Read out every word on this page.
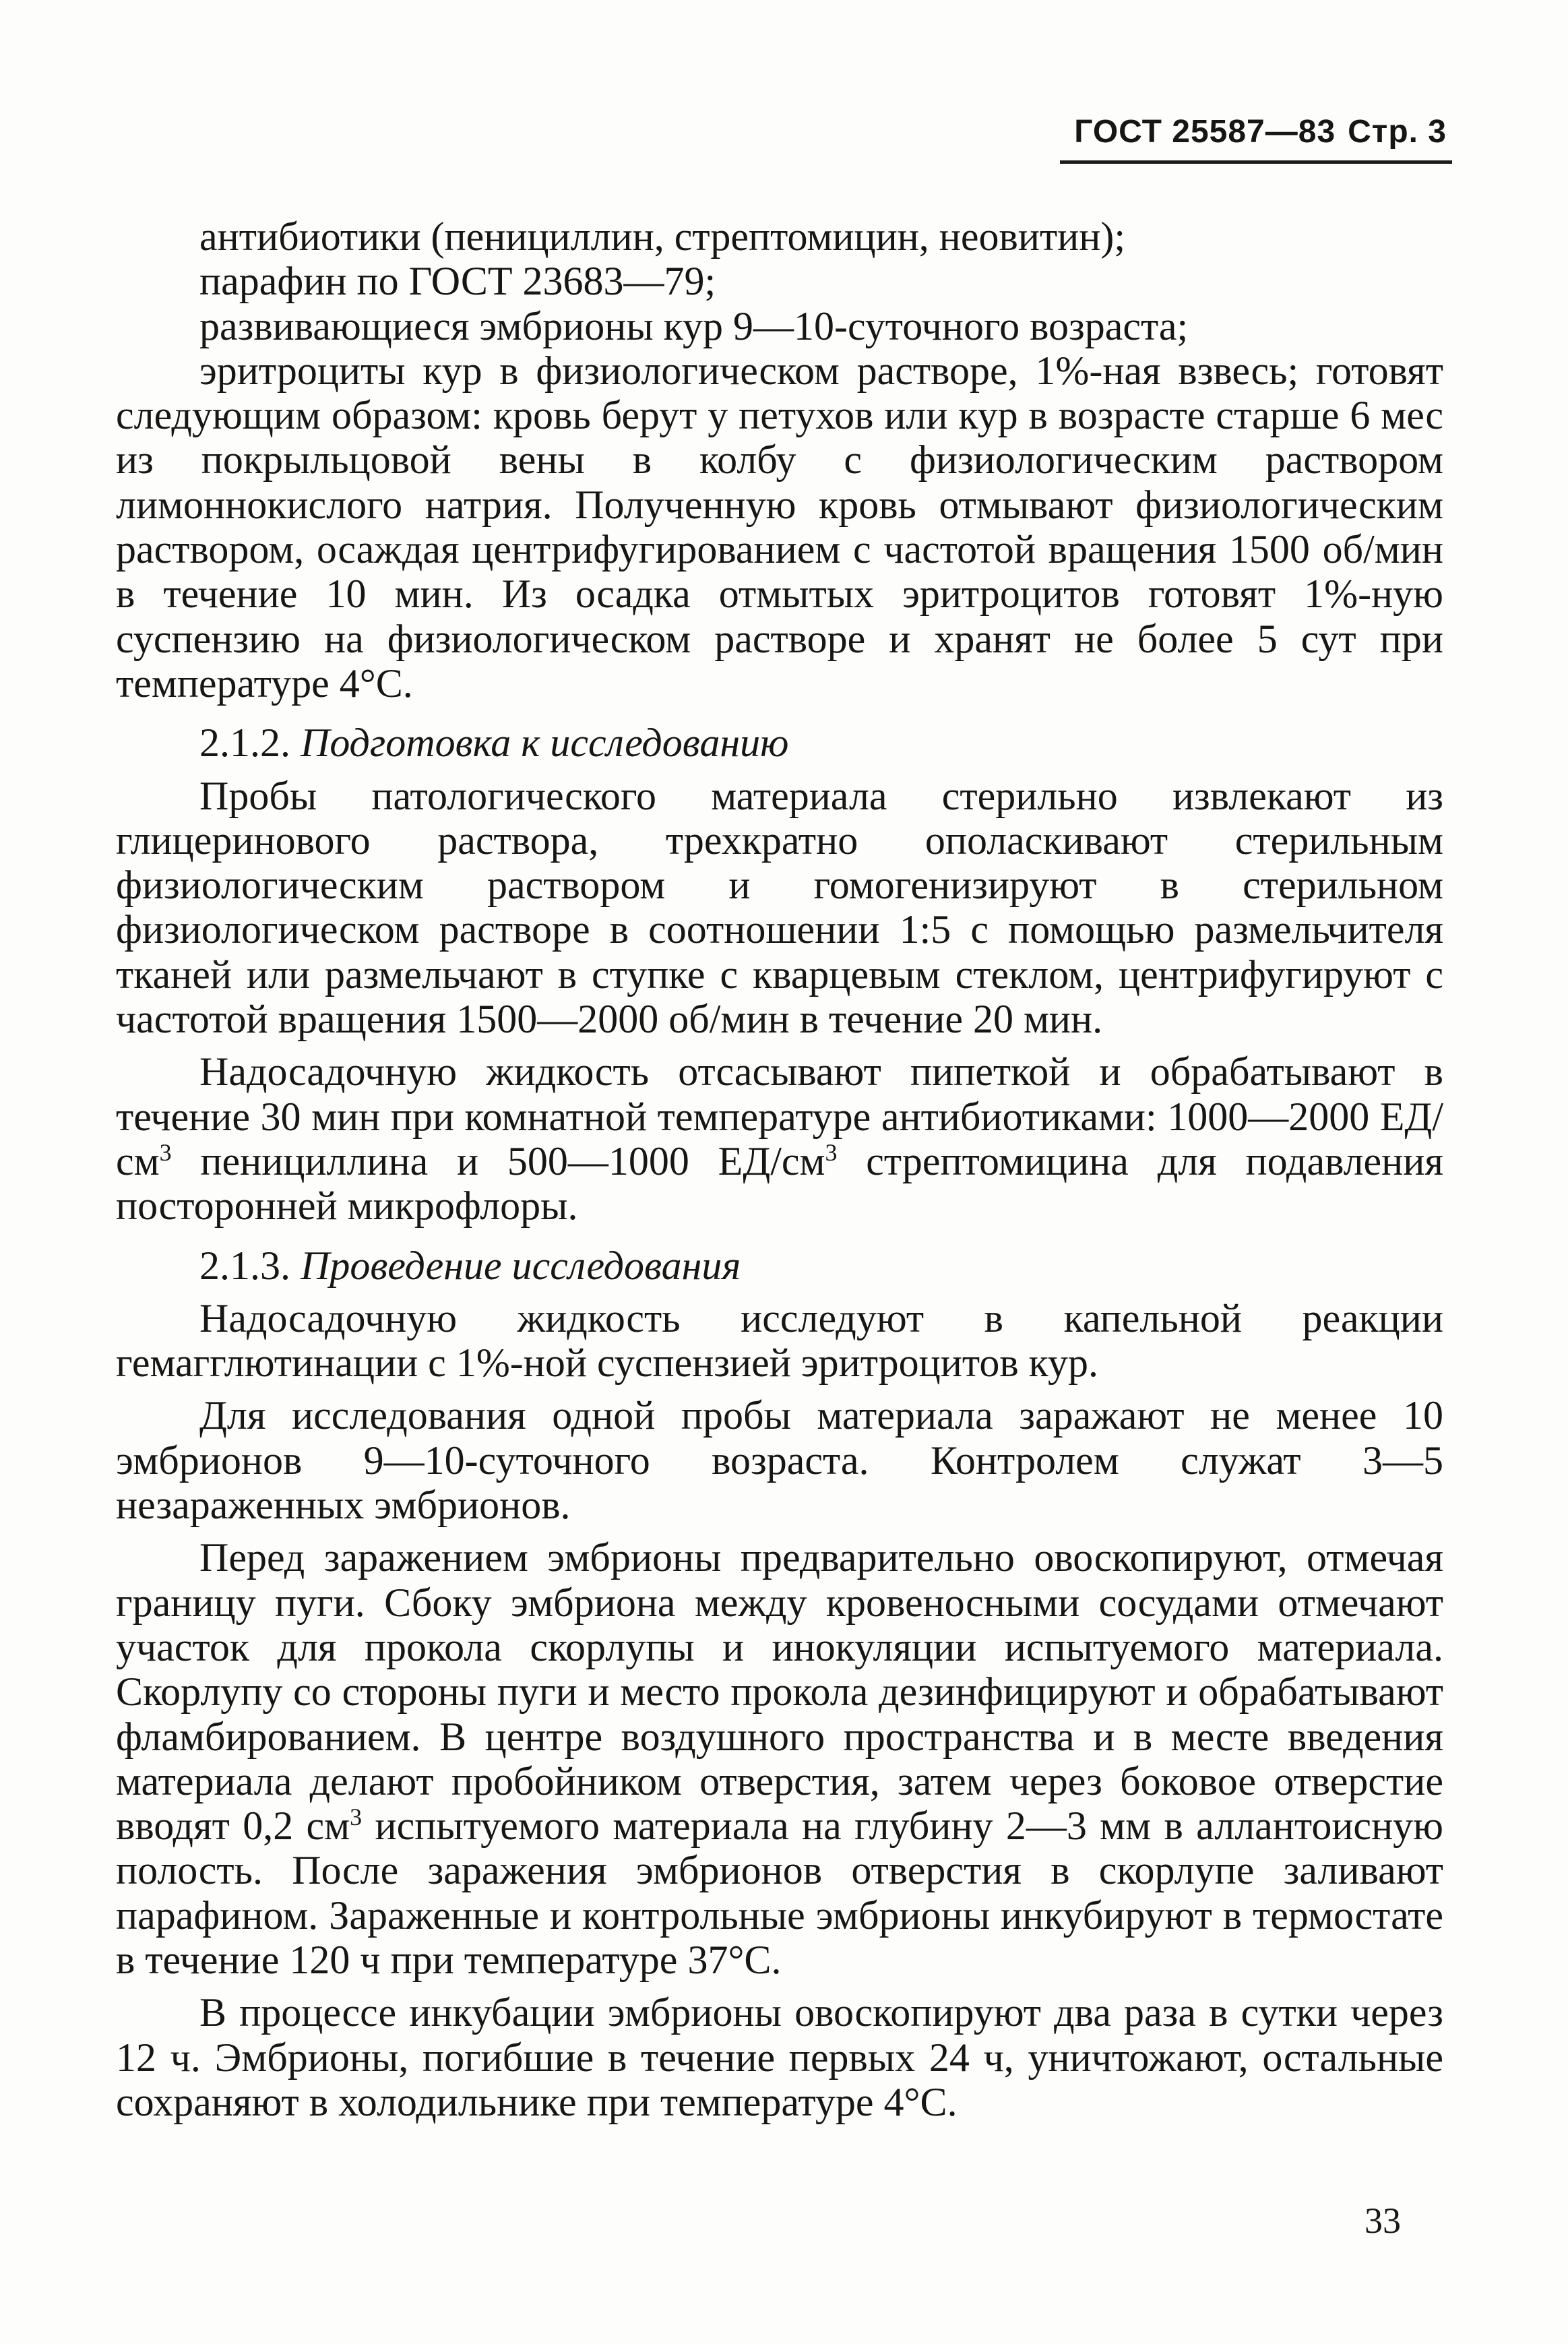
ГОСТ 25587—83 Стр. 3
антибиотики (пенициллин, стрептомицин, неовитин);
парафин по ГОСТ 23683—79;
развивающиеся эмбрионы кур 9—10-суточного возраста;
эритроциты кур в физиологическом растворе, 1%-ная взвесь; готовят следующим образом: кровь берут у петухов или кур в возрасте старше 6 мес из покрыльцовой вены в колбу с физиологическим раствором лимоннокислого натрия. Полученную кровь отмывают физиологическим раствором, осаждая центрифугированием с частотой вращения 1500 об/мин в течение 10 мин. Из осадка отмытых эритроцитов готовят 1%-ную суспензию на физиологическом растворе и хранят не более 5 сут при температуре 4°С.
2.1.2. Подготовка к исследованию
Пробы патологического материала стерильно извлекают из глицеринового раствора, трехкратно ополаскивают стерильным физиологическим раствором и гомогенизируют в стерильном физиологическом растворе в соотношении 1:5 с помощью размельчителя тканей или размельчают в ступке с кварцевым стеклом, центрифугируют с частотой вращения 1500—2000 об/мин в течение 20 мин.
Надосадочную жидкость отсасывают пипеткой и обрабатывают в течение 30 мин при комнатной температуре антибиотиками: 1000—2000 $ЕД/см^3$ пенициллина и 500—1000 $ЕД/см^3$ стрептомицина для подавления посторонней микрофлоры.
2.1.3. Проведение исследования
Надосадочную жидкость исследуют в капельной реакции гемагглютинации с 1%-ной суспензией эритроцитов кур.
Для исследования одной пробы материала заражают не менее 10 эмбрионов 9—10-суточного возраста. Контролем служат 3—5 незараженных эмбрионов.
Перед заражением эмбрионы предварительно овоскопируют, отмечая границу пуги. Сбоку эмбриона между кровеносными сосудами отмечают участок для прокола скорлупы и инокуляции испытуемого материала. Скорлупу со стороны пуги и место прокола дезинфицируют и обрабатывают фламбированием. В центре воздушного пространства и в месте введения материала делают пробойником отверстия, затем через боковое отверстие вводят 0,2 $см^3$ испытуемого материала на глубину 2—3 мм в аллантоисную полость. После заражения эмбрионов отверстия в скорлупе заливают парафином. Зараженные и контрольные эмбрионы инкубируют в термостате в течение 120 ч при температуре 37°С.
В процессе инкубации эмбрионы овоскопируют два раза в сутки через 12 ч. Эмбрионы, погибшие в течение первых 24 ч, уничтожают, остальные сохраняют в холодильнике при температуре 4°С.
33
